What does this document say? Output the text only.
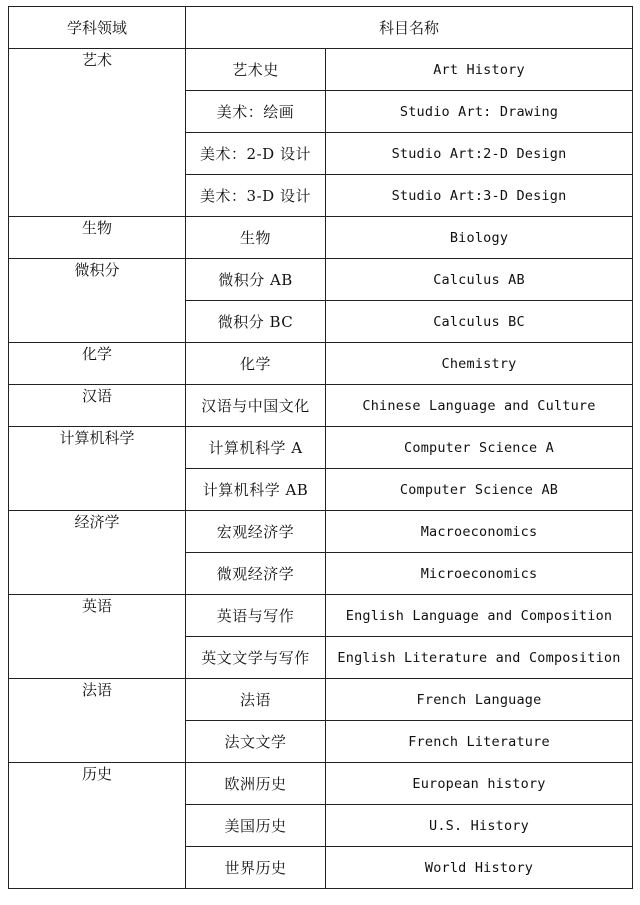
学科领域	科目名称	
艺术	艺术史	Art History
	美术：绘画	Studio Art: Drawing
	美术：2-D 设计	Studio Art:2-D Design
	美术：3-D 设计	Studio Art:3-D Design
生物	生物	Biology
微积分	微积分 AB	Calculus AB
	微积分 BC	Calculus BC
化学	化学	Chemistry
汉语	汉语与中国文化	Chinese Language and Culture
计算机科学	计算机科学 A	Computer Science A
	计算机科学 AB	Computer Science AB
经济学	宏观经济学	Macroeconomics
	微观经济学	Microeconomics
英语	英语与写作	English Language and Composition
	英文文学与写作	English Literature and Composition
法语	法语	French Language
	法文文学	French Literature
历史	欧洲历史	European history
	美国历史	U.S. History
	世界历史	World History
